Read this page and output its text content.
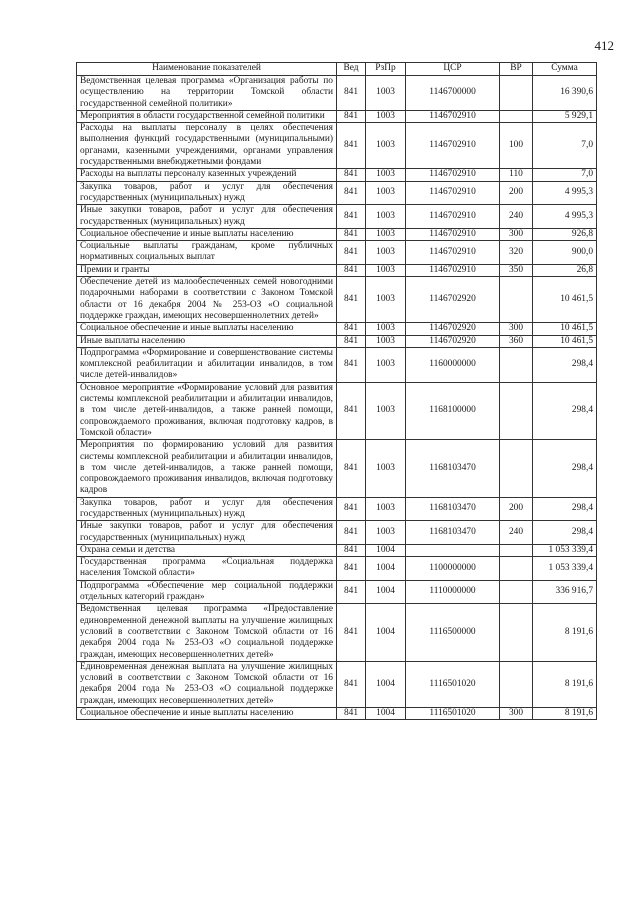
412
Наименование показателей	Вед	РзПр	ЦСР	ВР	Сумма
Ведомственная целевая программа «Организация работы по осуществлению на территории Томской области государственной семейной политики»	841	1003	1146700000		16 390,6
Мероприятия в области государственной семейной политики	841	1003	1146702910		5 929,1
Расходы на выплаты персоналу в целях обеспечения выполнения функций государственными (муниципальными) органами, казенными учреждениями, органами управления государственными внебюджетными фондами	841	1003	1146702910	100	7,0
Расходы на выплаты персоналу казенных учреждений	841	1003	1146702910	110	7,0
Закупка товаров, работ и услуг для обеспечения государственных (муниципальных) нужд	841	1003	1146702910	200	4 995,3
Иные закупки товаров, работ и услуг для обеспечения государственных (муниципальных) нужд	841	1003	1146702910	240	4 995,3
Социальное обеспечение и иные выплаты населению	841	1003	1146702910	300	926,8
Социальные выплаты гражданам, кроме публичных нормативных социальных выплат	841	1003	1146702910	320	900,0
Премии и гранты	841	1003	1146702910	350	26,8
Обеспечение детей из малообеспеченных семей новогодними подарочными наборами в соответствии с Законом Томской области от 16 декабря 2004 № 253-ОЗ «О социальной поддержке граждан, имеющих несовершеннолетних детей»	841	1003	1146702920		10 461,5
Социальное обеспечение и иные выплаты населению	841	1003	1146702920	300	10 461,5
Иные выплаты населению	841	1003	1146702920	360	10 461,5
Подпрограмма «Формирование и совершенствование системы комплексной реабилитации и абилитации инвалидов, в том числе детей-инвалидов»	841	1003	1160000000		298,4
Основное мероприятие «Формирование условий для развития системы комплексной реабилитации и абилитации инвалидов, в том числе детей-инвалидов, а также ранней помощи, сопровождаемого проживания, включая подготовку кадров, в Томской области»	841	1003	1168100000		298,4
Мероприятия по формированию условий для развития системы комплексной реабилитации и абилитации инвалидов, в том числе детей-инвалидов, а также ранней помощи, сопровождаемого проживания инвалидов, включая подготовку кадров	841	1003	1168103470		298,4
Закупка товаров, работ и услуг для обеспечения государственных (муниципальных) нужд	841	1003	1168103470	200	298,4
Иные закупки товаров, работ и услуг для обеспечения государственных (муниципальных) нужд	841	1003	1168103470	240	298,4
Охрана семьи и детства	841	1004			1 053 339,4
Государственная программа «Социальная поддержка населения Томской области»	841	1004	1100000000		1 053 339,4
Подпрограмма «Обеспечение мер социальной поддержки отдельных категорий граждан»	841	1004	1110000000		336 916,7
Ведомственная целевая программа «Предоставление единовременной денежной выплаты на улучшение жилищных условий в соответствии с Законом Томской области от 16 декабря 2004 года № 253-ОЗ «О социальной поддержке граждан, имеющих несовершеннолетних детей»	841	1004	1116500000		8 191,6
Единовременная денежная выплата на улучшение жилищных условий в соответствии с Законом Томской области от 16 декабря 2004 года № 253-ОЗ «О социальной поддержке граждан, имеющих несовершеннолетних детей»	841	1004	1116501020		8 191,6
Социальное обеспечение и иные выплаты населению	841	1004	1116501020	300	8 191,6
